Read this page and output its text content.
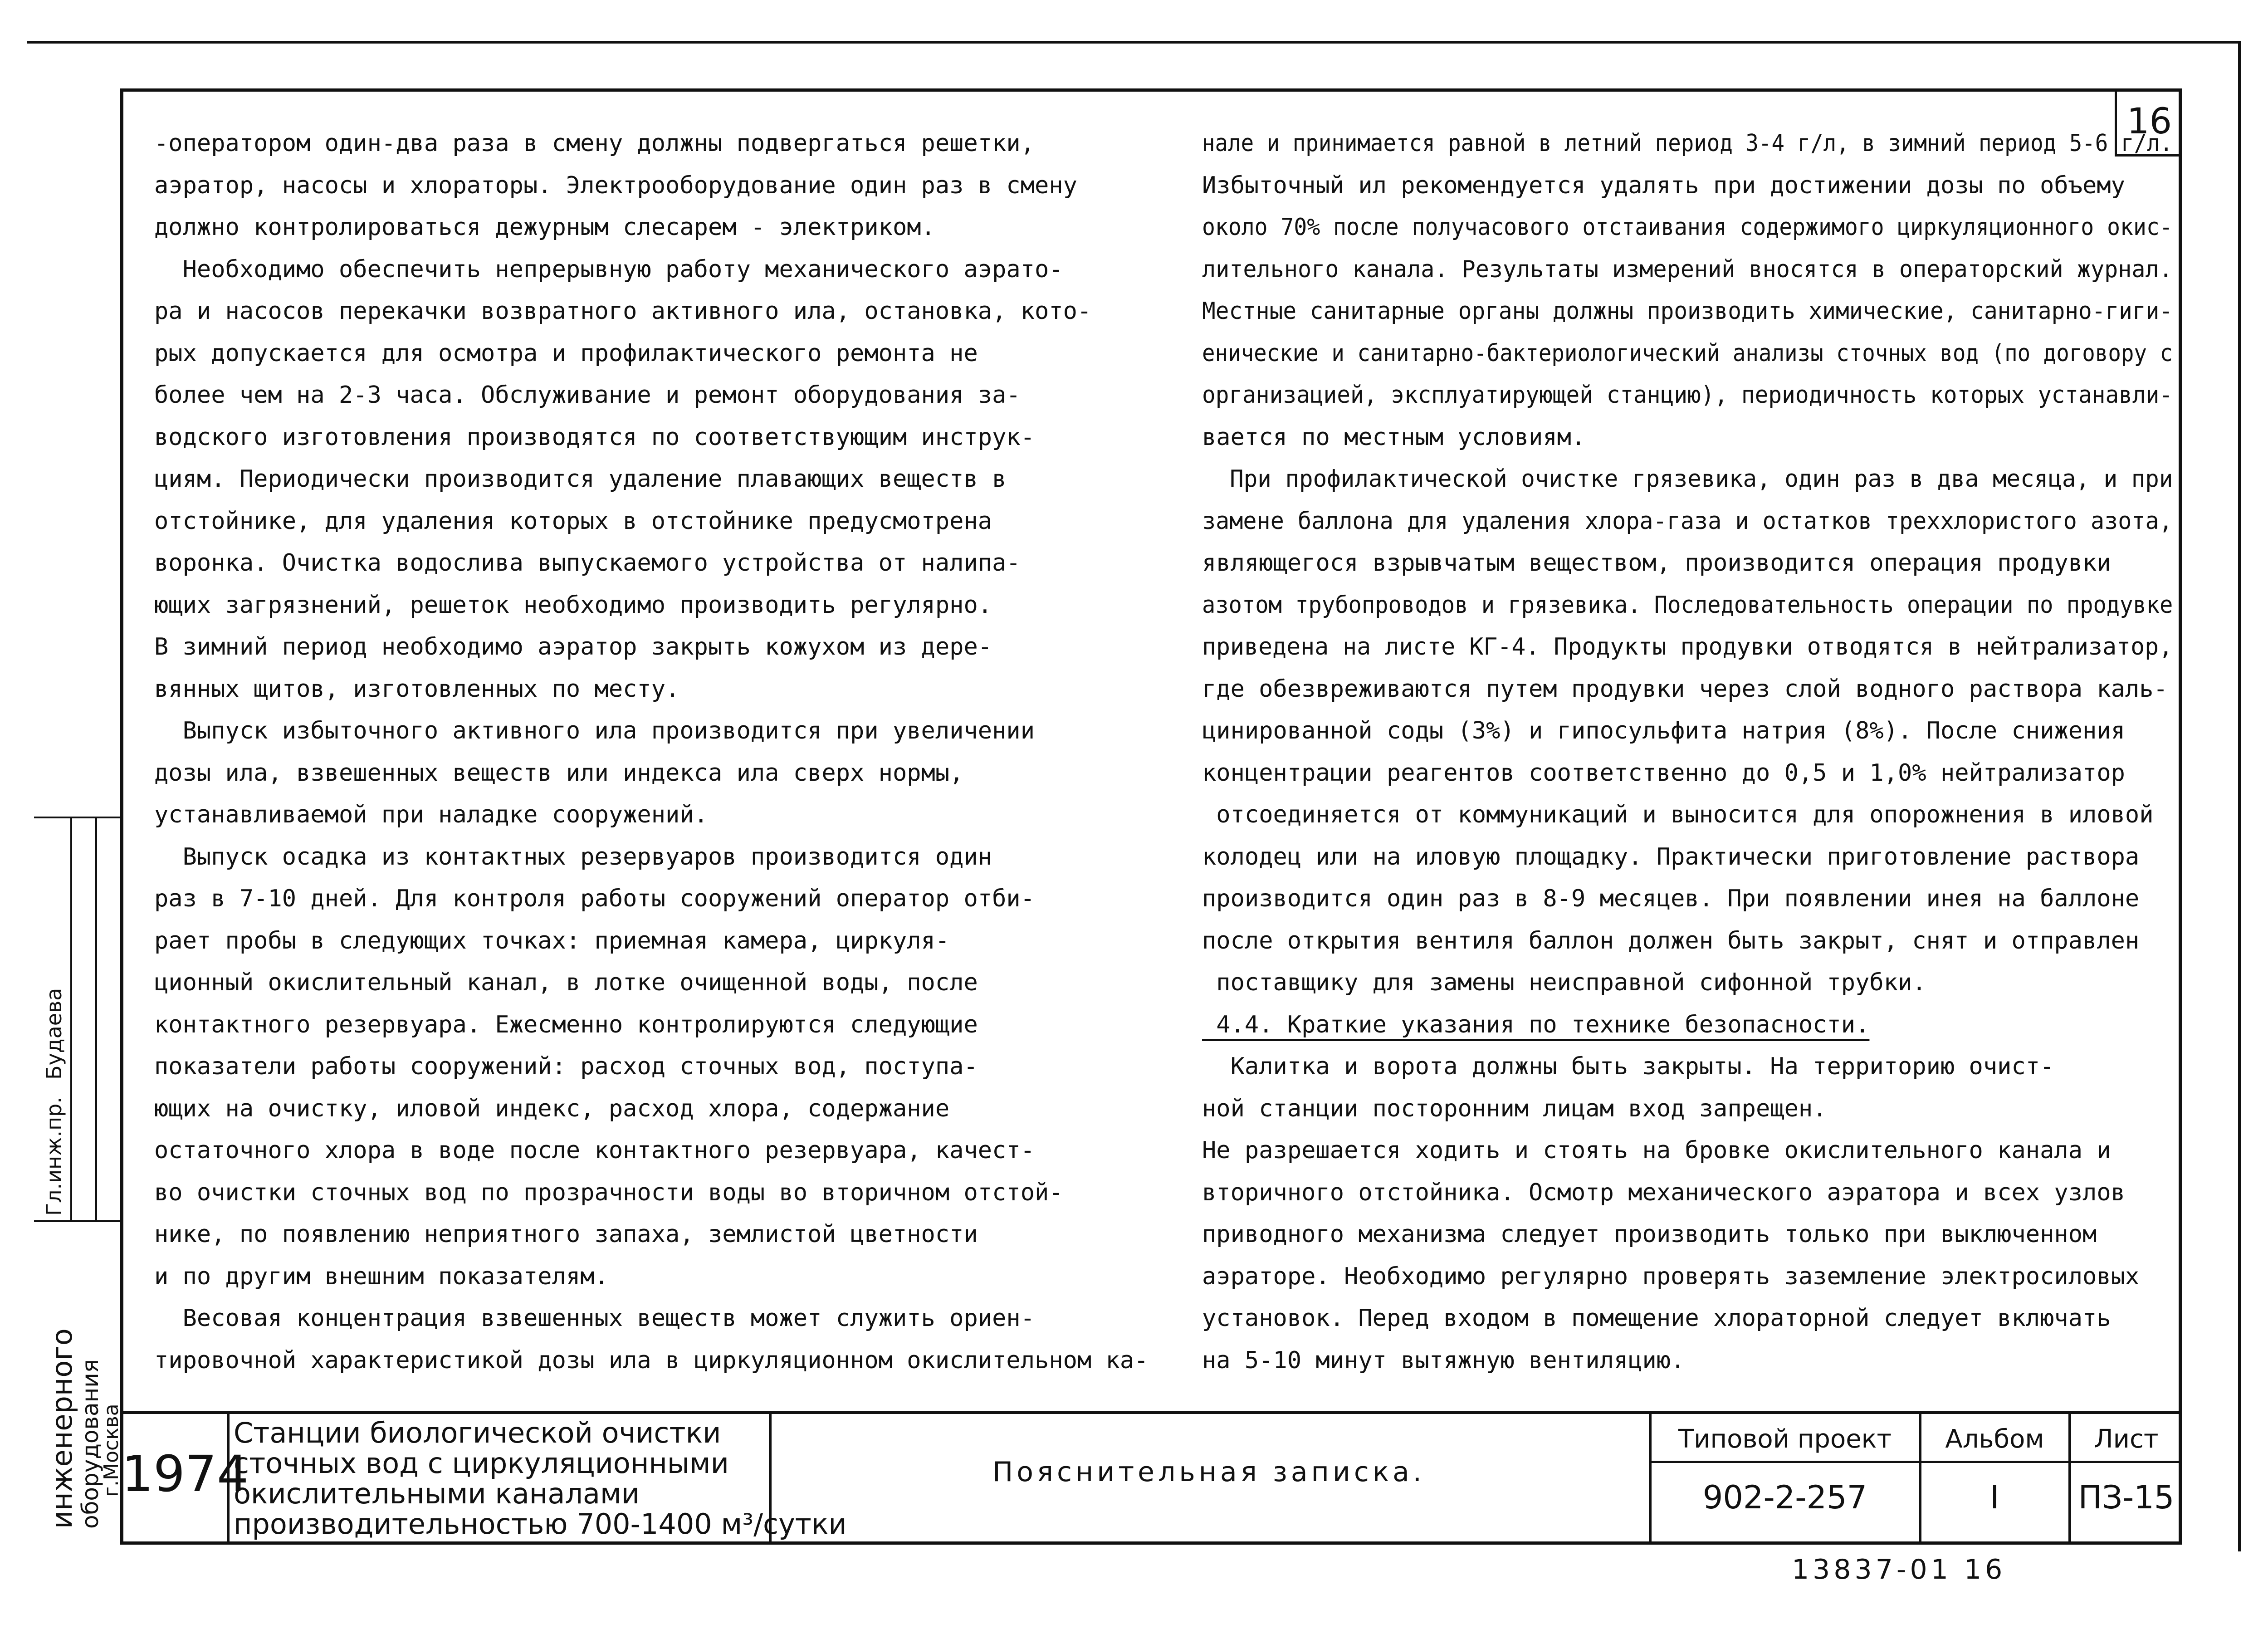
16
-оператором один-два раза в смену должны подвергаться решетки,
аэратор, насосы и хлораторы. Электрооборудование один раз в смену
должно контролироваться дежурным слесарем - электриком.
Необходимо обеспечить непрерывную работу механического аэрато-
ра и насосов перекачки возвратного активного ила, остановка, кото-
рых допускается для осмотра и профилактического ремонта не
более чем на 2-3 часа. Обслуживание и ремонт оборудования за-
водского изготовления производятся по соответствующим инструк-
циям. Периодически производится удаление плавающих веществ в
отстойнике, для удаления которых в отстойнике предусмотрена
воронка. Очистка водослива выпускаемого устройства от налипа-
ющих загрязнений, решеток необходимо производить регулярно.
В зимний период необходимо аэратор закрыть кожухом из дере-
вянных щитов, изготовленных по месту.
Выпуск избыточного активного ила производится при увеличении
дозы ила, взвешенных веществ или индекса ила сверх нормы,
устанавливаемой при наладке сооружений.
Выпуск осадка из контактных резервуаров производится один
раз в 7-10 дней. Для контроля работы сооружений оператор отби-
рает пробы в следующих точках: приемная камера, циркуля-
ционный окислительный канал, в лотке очищенной воды, после
контактного резервуара. Ежесменно контролируются следующие
показатели работы сооружений: расход сточных вод, поступа-
ющих на очистку, иловой индекс, расход хлора, содержание
остаточного хлора в воде после контактного резервуара, качест-
во очистки сточных вод по прозрачности воды во вторичном отстой-
нике, по появлению неприятного запаха, землистой цветности
и по другим внешним показателям.
Весовая концентрация взвешенных веществ может служить ориен-
тировочной характеристикой дозы ила в циркуляционном окислительном ка-
нале и принимается равной в летний период 3-4 г/л, в зимний период 5-6 г/л.
Избыточный ил рекомендуется удалять при достижении дозы по объему
около 70% после получасового отстаивания содержимого циркуляционного окис-
лительного канала. Результаты измерений вносятся в операторский журнал.
Местные санитарные органы должны производить химические, санитарно-гиги-
енические и санитарно-бактериологический анализы сточных вод (по договору с
организацией, эксплуатирующей станцию), периодичность которых устанавли-
вается по местным условиям.
При профилактической очистке грязевика, один раз в два месяца, и при
замене баллона для удаления хлора-газа и остатков треххлористого азота,
являющегося взрывчатым веществом, производится операция продувки
азотом трубопроводов и грязевика. Последовательность операции по продувке
приведена на листе КГ-4. Продукты продувки отводятся в нейтрализатор,
где обезвреживаются путем продувки через слой водного раствора каль-
цинированной соды (3%) и гипосульфита натрия (8%). После снижения
концентрации реагентов соответственно до 0,5 и 1,0% нейтрализатор
отсоединяется от коммуникаций и выносится для опорожнения в иловой
колодец или на иловую площадку. Практически приготовление раствора
производится один раз в 8-9 месяцев. При появлении инея на баллоне
после открытия вентиля баллон должен быть закрыт, снят и отправлен
поставщику для замены неисправной сифонной трубки.
4.4. Краткие указания по технике безопасности.
Калитка и ворота должны быть закрыты. На территорию очист-
ной станции посторонним лицам вход запрещен.
Не разрешается ходить и стоять на бровке окислительного канала и
вторичного отстойника. Осмотр механического аэратора и всех узлов
приводного механизма следует производить только при выключенном
аэраторе. Необходимо регулярно проверять заземление электросиловых
установок. Перед входом в помещение хлораторной следует включать
на 5-10 минут вытяжную вентиляцию.
Гл.инж.пр.
Будаева
инженерного
оборудования
г.Москва
1974
Станции биологической очистки
сточных вод с циркуляционными
окислительными каналами
производительностью 700-1400 м³/сутки
Пояснительная записка.
Типовой проект
902-2-257
Альбом
I
Лист
ПЗ-15
13837-01 16
